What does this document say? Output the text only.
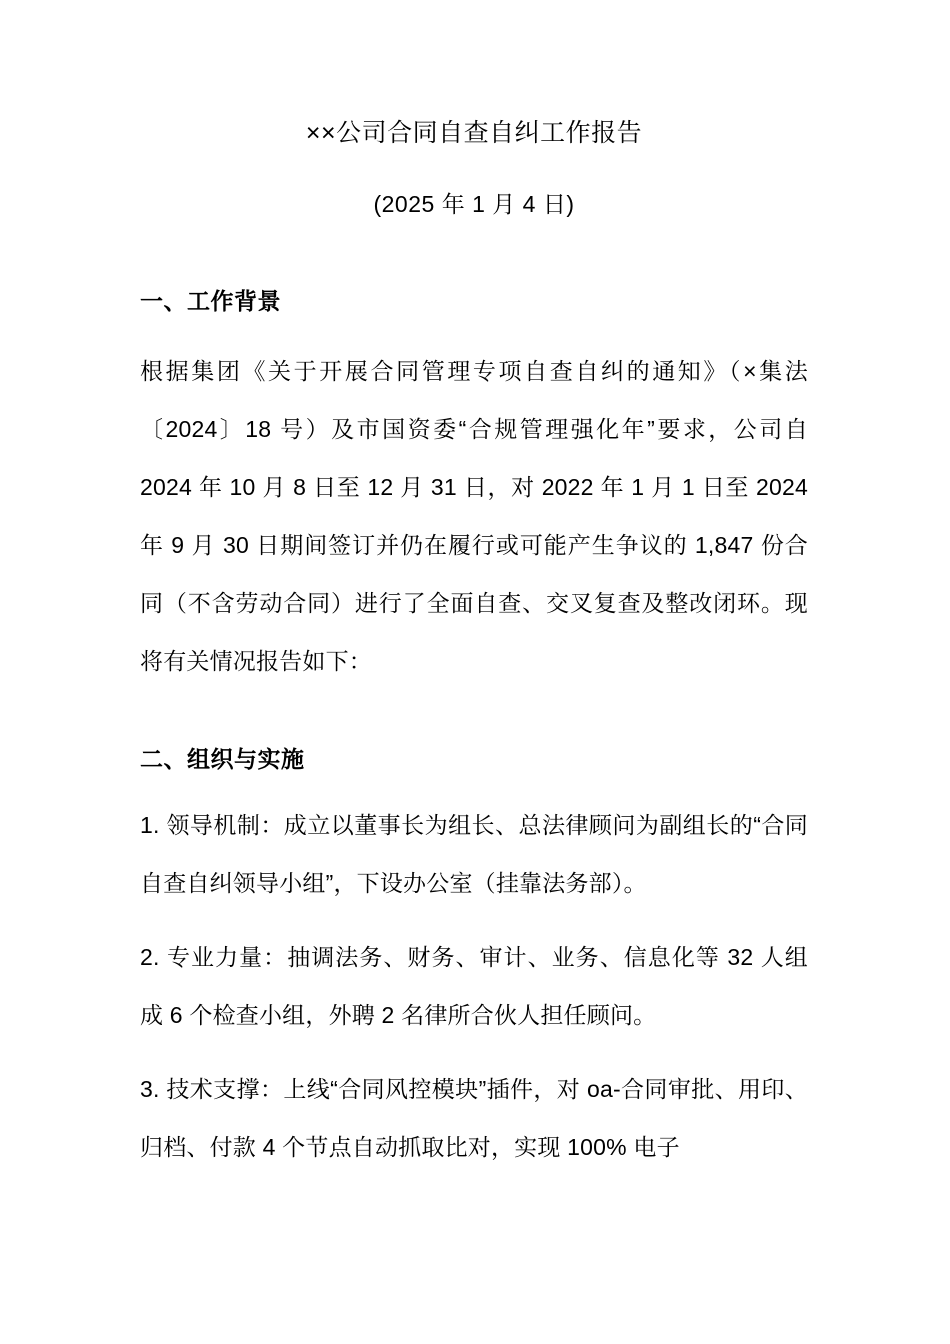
××公司合同自查自纠工作报告

(2025 年 1 月 4 日)

一、工作背景

根据集团《关于开展合同管理专项自查自纠的通知》（×集法〔2024〕18 号）及市国资委“合规管理强化年”要求，公司自 2024 年 10 月 8 日至 12 月 31 日，对 2022 年 1 月 1 日至 2024 年 9 月 30 日期间签订并仍在履行或可能产生争议的 1,847 份合同（不含劳动合同）进行了全面自查、交叉复查及整改闭环。现将有关情况报告如下：

二、组织与实施

1. 领导机制：成立以董事长为组长、总法律顾问为副组长的“合同自查自纠领导小组”，下设办公室（挂靠法务部）。

2. 专业力量：抽调法务、财务、审计、业务、信息化等 32 人组成 6 个检查小组，外聘 2 名律所合伙人担任顾问。

3. 技术支撑：上线“合同风控模块”插件，对 oa-合同审批、用印、归档、付款 4 个节点自动抓取比对，实现 100% 电子
